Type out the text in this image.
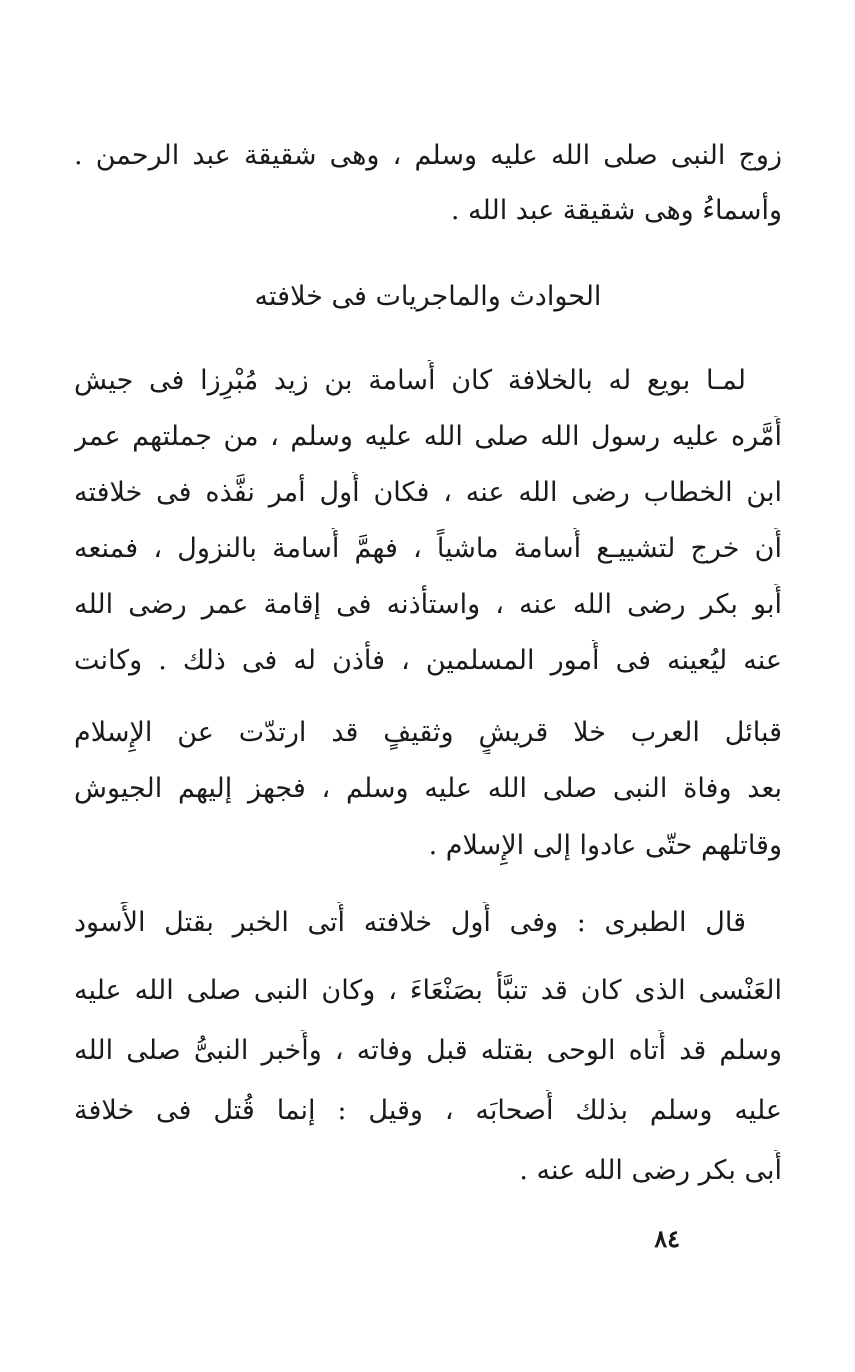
زوج النبى صلى الله عليه وسلم ، وهى شقيقة عبد الرحمن .
وأسماءُ وهى شقيقة عبد الله .
الحوادث والماجريات فى خلافته
لمـا بويع له بالخلافة كان أُسامة بن زيد مُبْرِزا فى جيش
أَمَّره عليه رسول الله صلى الله عليه وسلم ، من جملتهم عمر
ابن الخطاب رضى الله عنه ، فكان أَول أمر نفَّذه فى خلافته
أَن خرج لتشييـع أُسامة ماشياً ، فهمَّ أُسامة بالنزول ، فمنعه
أَبو بكر رضى الله عنه ، واستأْذنه فى إقامة عمر رضى الله
عنه ليُعينه فى أُمور المسلمين ، فأَذن له فى ذلك . وكانت
قبائل العرب خلا قريشٍ وثقيفٍ قد ارتدّت عن الإِسلام
بعد وفاة النبى صلى الله عليه وسلم ، فجهز إليهم الجيوش
وقاتلهم حتّى عادوا إلى الإِسلام .
قال الطبرى : وفى أَول خلافته أَتى الخبر بقتل الأَسود
العَنْسى الذى كان قد تنبَّأَ بصَنْعَاءَ ، وكان النبى صلى الله عليه
وسلم قد أَتاه الوحى بقتله قبل وفاته ، وأَخبر النبىُّ صلى الله
عليه وسلم بذلك أَصحابَه ، وقيل : إنما قُتل فى خلافة
أَبى بكر رضى الله عنه .
٨٤
